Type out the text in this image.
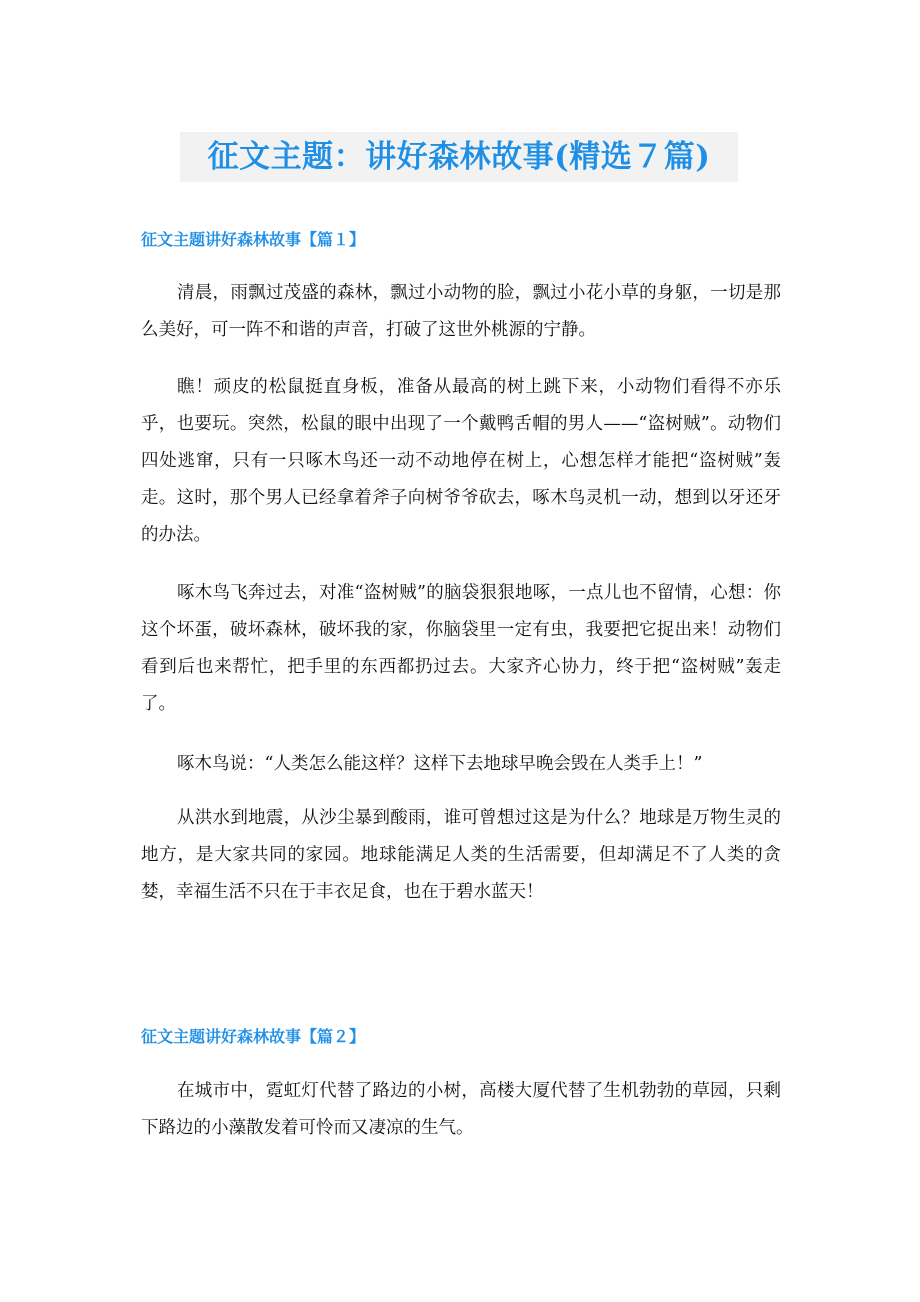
征文主题：讲好森林故事(精选７篇)
征文主题讲好森林故事【篇１】

清晨，雨飘过茂盛的森林，飘过小动物的脸，飘过小花小草的身躯，一切是那么美好，可一阵不和谐的声音，打破了这世外桃源的宁静。

瞧！顽皮的松鼠挺直身板，准备从最高的树上跳下来，小动物们看得不亦乐乎，也要玩。突然，松鼠的眼中出现了一个戴鸭舌帽的男人——“盗树贼”。动物们四处逃窜，只有一只啄木鸟还一动不动地停在树上，心想怎样才能把“盗树贼”轰走。这时，那个男人已经拿着斧子向树爷爷砍去，啄木鸟灵机一动，想到以牙还牙的办法。

啄木鸟飞奔过去，对准“盗树贼”的脑袋狠狠地啄，一点儿也不留情，心想：你这个坏蛋，破坏森林，破坏我的家，你脑袋里一定有虫，我要把它捉出来！动物们看到后也来帮忙，把手里的东西都扔过去。大家齐心协力，终于把“盗树贼”轰走了。

啄木鸟说：“人类怎么能这样？这样下去地球早晚会毁在人类手上！”

从洪水到地震，从沙尘暴到酸雨，谁可曾想过这是为什么？地球是万物生灵的地方，是大家共同的家园。地球能满足人类的生活需要，但却满足不了人类的贪婪，幸福生活不只在于丰衣足食，也在于碧水蓝天！

征文主题讲好森林故事【篇２】

在城市中，霓虹灯代替了路边的小树，高楼大厦代替了生机勃勃的草园，只剩下路边的小藻散发着可怜而又凄凉的生气。
